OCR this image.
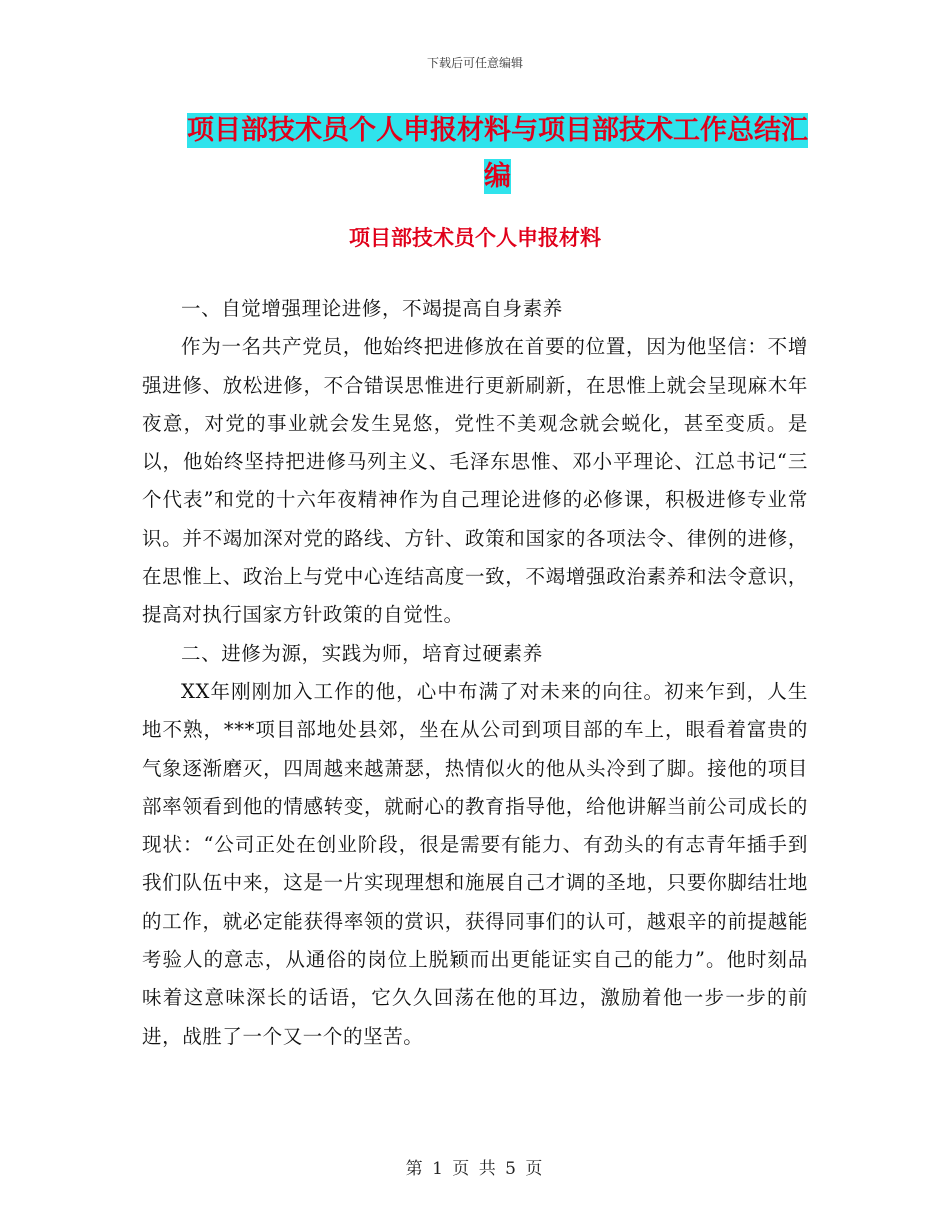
下载后可任意编辑
项目部技术员个人申报材料与项目部技术工作总结汇
编
项目部技术员个人申报材料

一、自觉增强理论进修，不竭提高自身素养

作为一名共产党员，他始终把进修放在首要的位置，因为他坚信：不增强进修、放松进修，不合错误思惟进行更新刷新，在思惟上就会呈现麻木年夜意，对党的事业就会发生晃悠，党性不美观念就会蜕化，甚至变质。是以，他始终坚持把进修马列主义、毛泽东思惟、邓小平理论、江总书记“三个代表”和党的十六年夜精神作为自己理论进修的必修课，积极进修专业常识。并不竭加深对党的路线、方针、政策和国家的各项法令、律例的进修，在思惟上、政治上与党中心连结高度一致，不竭增强政治素养和法令意识，提高对执行国家方针政策的自觉性。

二、进修为源，实践为师，培育过硬素养

XX年刚刚加入工作的他，心中布满了对未来的向往。初来乍到，人生地不熟，***项目部地处县郊，坐在从公司到项目部的车上，眼看着富贵的气象逐渐磨灭，四周越来越萧瑟，热情似火的他从头冷到了脚。接他的项目部率领看到他的情感转变，就耐心的教育指导他，给他讲解当前公司成长的现状：“公司正处在创业阶段，很是需要有能力、有劲头的有志青年插手到我们队伍中来，这是一片实现理想和施展自己才调的圣地，只要你脚结壮地的工作，就必定能获得率领的赏识，获得同事们的认可，越艰辛的前提越能考验人的意志，从通俗的岗位上脱颖而出更能证实自己的能力”。他时刻品味着这意味深长的话语，它久久回荡在他的耳边，激励着他一步一步的前进，战胜了一个又一个的坚苦。

第 1 页 共 5 页
